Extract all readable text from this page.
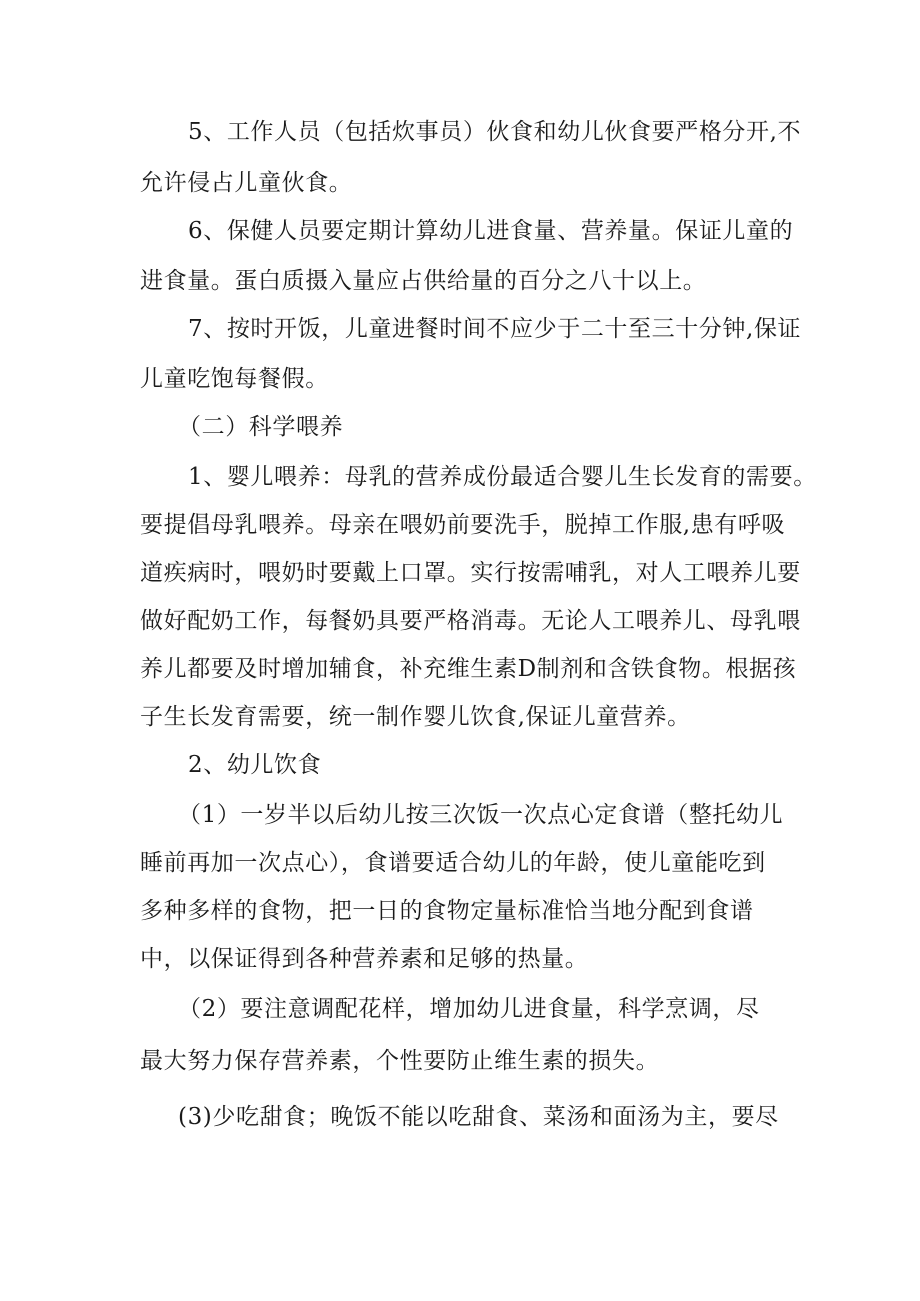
5、工作人员（包括炊事员）伙食和幼儿伙食要严格分开,不

允许侵占儿童伙食。

6、保健人员要定期计算幼儿进食量、营养量。保证儿童的

进食量。蛋白质摄入量应占供给量的百分之八十以上。

7、按时开饭，儿童进餐时间不应少于二十至三十分钟,保证

儿童吃饱每餐假。

（二）科学喂养

1、婴儿喂养：母乳的营养成份最适合婴儿生长发育的需要。

要提倡母乳喂养。母亲在喂奶前要洗手，脱掉工作服,患有呼吸

道疾病时，喂奶时要戴上口罩。实行按需哺乳，对人工喂养儿要

做好配奶工作，每餐奶具要严格消毒。无论人工喂养儿、母乳喂

养儿都要及时增加辅食，补充维生素D制剂和含铁食物。根据孩

子生长发育需要，统一制作婴儿饮食,保证儿童营养。

2、幼儿饮食

（1）一岁半以后幼儿按三次饭一次点心定食谱（整托幼儿

睡前再加一次点心），食谱要适合幼儿的年龄，使儿童能吃到

多种多样的食物，把一日的食物定量标准恰当地分配到食谱

中，以保证得到各种营养素和足够的热量。

（2）要注意调配花样，增加幼儿进食量，科学烹调，尽

最大努力保存营养素，个性要防止维生素的损失。

(3)少吃甜食；晚饭不能以吃甜食、菜汤和面汤为主，要尽
